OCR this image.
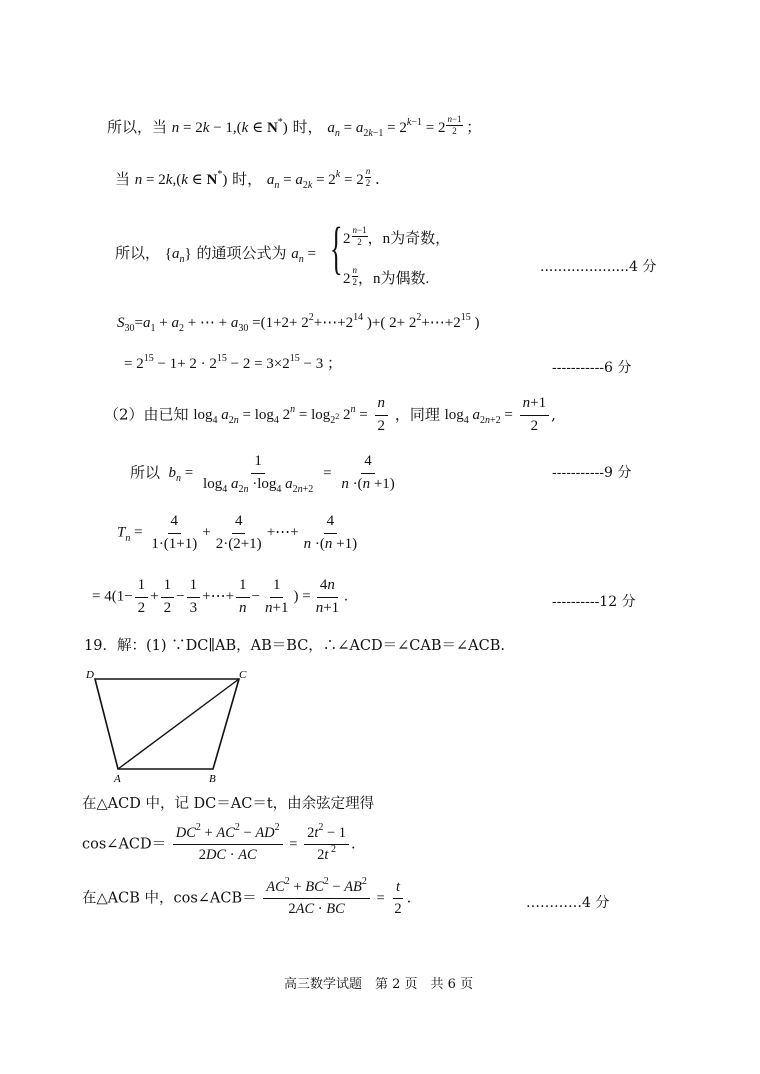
所以，当 n = 2k − 1,(k ∈ N*) 时， $a_n = a_{2k-1} = 2^{k-1} = 2 \frac{n-1}{2}$ ；
当 n = 2k,(k ∈ N*) 时， $a_n = a_{2k} = 2^k = 2 \frac{n}{2}$ .
所以， $\{a_n\}$ 的通项公式为 $a_n$ = { $2 \frac{n-1}{2}$ ，n为奇数，
$2 \frac{n}{2}$ ，n为偶数.
....................4 分
$S_{30}=a_1 + a_2$ + ⋯ + $a_{30} =(1+2+$ $2^2+\cdots+2^{14}$ )+( $2+ 2^2+\cdots+2^{15}$ )
= $2^{15} - 1+ 2 \cdot 2^{15} - 2 = 3\times 2^{15} - 3$ ；	-----------6 分
（2）由已知 $\log_4 a_{2n} = \log_4 2^n = \log_{2^2} 2^n = \frac{n}{2}$ ，同理 $\log_4 a_{2n+2} = \frac{n+1}{2}$ ,
所以 $b_n = \frac{1}{\log_4 a_{2n} \cdot\log_4 a_{2n+2}} = \frac{4}{n \cdot(n +1)}$	-----------9 分
$T_n = \frac{4}{1\cdot(1+1)} + \frac{4}{2\cdot(2+1)}$ +⋯+ $\frac{4}{n \cdot(n +1)}$
= $4(1- \frac{1}{2} + \frac{1}{2} - \frac{1}{3}$ +⋯+ $\frac{1}{n} - \frac{1}{n+1}$ ) = $\frac{4n}{n+1}$ .	----------12 分
19．解：(1) ∵DC∥AB，AB＝BC，∴∠ACD＝∠CAB＝∠ACB.
D	C
A	B
在△ACD 中，记 DC＝AC＝t，由余弦定理得
cos∠ACD＝ $\frac{DC^2 + AC^2 - AD^2}{2DC \cdot AC} = \frac{2t^2 - 1}{2t ^2}$ .
在△ACB 中，cos∠ACB＝ $\frac{AC^2 + BC^2 - AB^2}{2AC \cdot BC} = \frac{t}{2}$ .	…………4 分
高三数学试题　第 2 页　共 6 页
